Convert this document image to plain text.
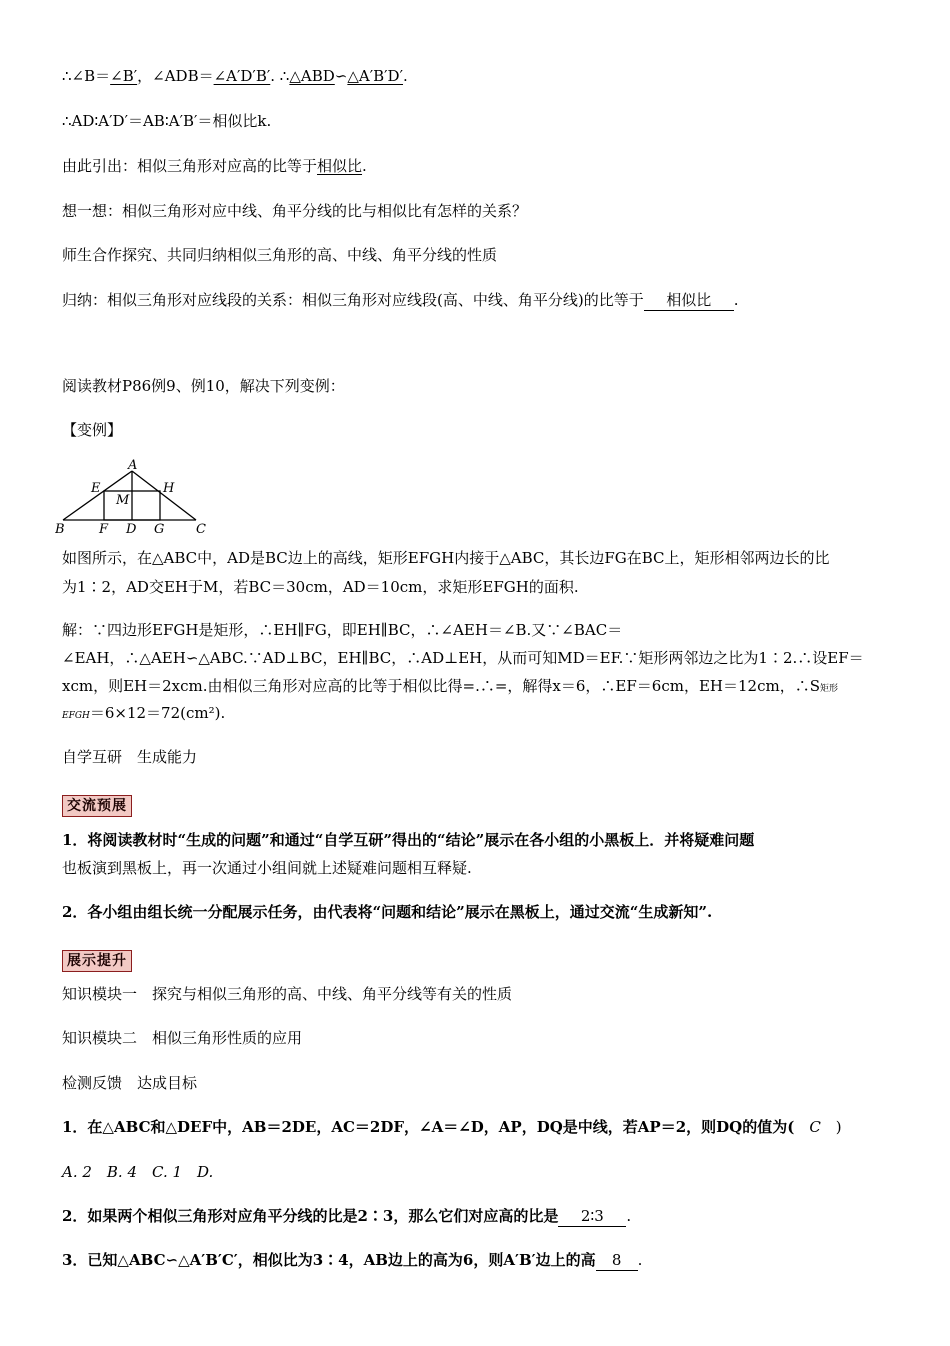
∴∠B＝∠B′，∠ADB＝∠A′D′B′. ∴△ABD∽△A′B′D′.
∴AD∶A′D′＝AB∶A′B′＝相似比k.
由此引出：相似三角形对应高的比等于相似比.
想一想：相似三角形对应中线、角平分线的比与相似比有怎样的关系？
师生合作探究、共同归纳相似三角形的高、中线、角平分线的性质
归纳：相似三角形对应线段的关系：相似三角形对应线段(高、中线、角平分线)的比等于 相似比 .
阅读教材P86例9、例10，解决下列变例：
【变例】
A
B	C
D
E
F	G
H
M
如图所示，在△ABC中，AD是BC边上的高线，矩形EFGH内接于△ABC，其长边FG在BC上，矩形相邻两边长的比
为1∶2，AD交EH于M，若BC＝30cm，AD＝10cm，求矩形EFGH的面积.
解：∵四边形EFGH是矩形，∴EH∥FG，即EH∥BC，∴∠AEH＝∠B.又∵∠BAC＝
∠EAH，∴△AEH∽△ABC.∵AD⊥BC，EH∥BC，∴AD⊥EH，从而可知MD＝EF.∵矩形两邻边之比为1∶2.∴设EF＝
xcm，则EH＝2xcm.由相似三角形对应高的比等于相似比得=.∴=，解得x＝6，∴EF＝6cm，EH＝12cm，∴S矩形
EFGH＝6×12＝72(cm²).
自学互研　生成能力
交流预展
1．将阅读教材时“生成的问题”和通过“自学互研”得出的“结论”展示在各小组的小黑板上．并将疑难问题
也板演到黑板上，再一次通过小组间就上述疑难问题相互释疑.
2．各小组由组长统一分配展示任务，由代表将“问题和结论”展示在黑板上，通过交流“生成新知”.
展示提升
知识模块一　探究与相似三角形的高、中线、角平分线等有关的性质
知识模块二　相似三角形性质的应用
检测反馈　达成目标
1．在△ABC和△DEF中，AB＝2DE，AC＝2DF，∠A＝∠D，AP，DQ是中线，若AP＝2，则DQ的值为(　C　)
A. 2　B. 4　C. 1　D.
2．如果两个相似三角形对应角平分线的比是2∶3，那么它们对应高的比是 2∶3 .
3．已知△ABC∽△A′B′C′，相似比为3∶4，AB边上的高为6，则A′B′边上的高 8 .
